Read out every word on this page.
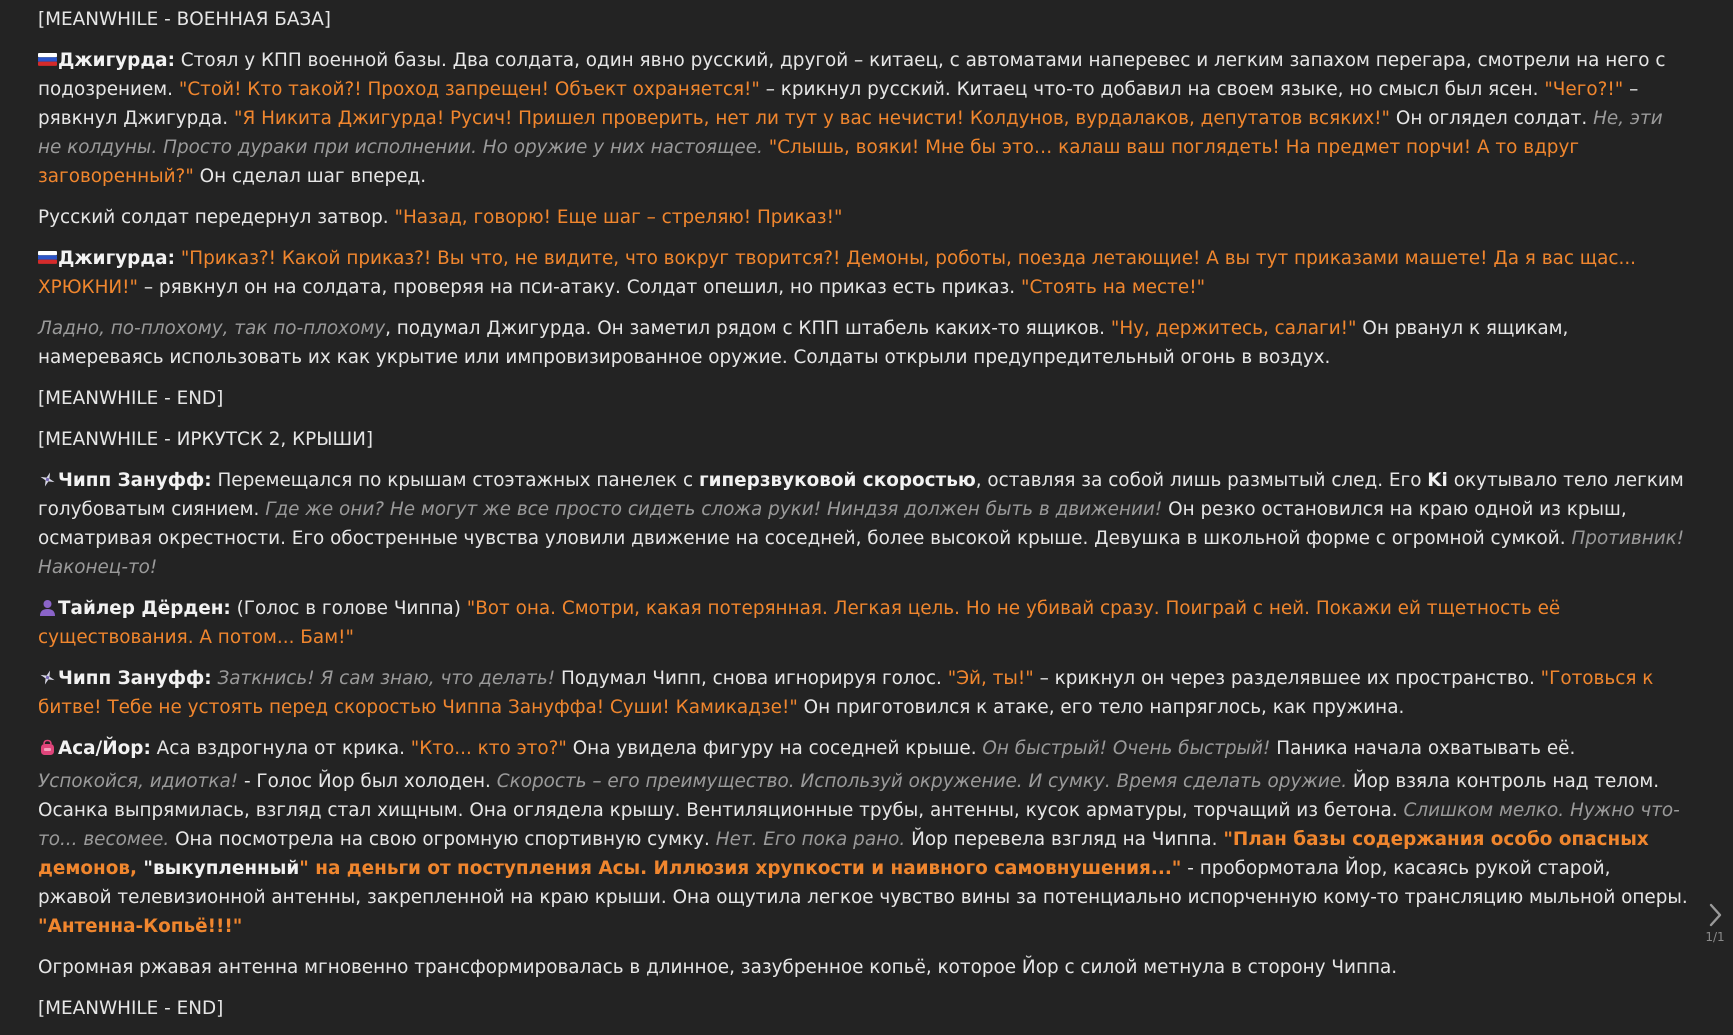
[MEANWHILE - ВОЕННАЯ БАЗА]

Джигурда: Стоял у КПП военной базы. Два солдата, один явно русский, другой – китаец, с автоматами наперевес и легким запахом перегара, смотрели на него с подозрением. "Стой! Кто такой?! Проход запрещен! Объект охраняется!" – крикнул русский. Китаец что-то добавил на своем языке, но смысл был ясен. "Чего?!" – рявкнул Джигурда. "Я Никита Джигурда! Русич! Пришел проверить, нет ли тут у вас нечисти! Колдунов, вурдалаков, депутатов всяких!" Он оглядел солдат. Не, эти не колдуны. Просто дураки при исполнении. Но оружие у них настоящее. "Слышь, вояки! Мне бы это… калаш ваш поглядеть! На предмет порчи! А то вдруг заговоренный?" Он сделал шаг вперед.

Русский солдат передернул затвор. "Назад, говорю! Еще шаг – стреляю! Приказ!"

Джигурда: "Приказ?! Какой приказ?! Вы что, не видите, что вокруг творится?! Демоны, роботы, поезда летающие! А вы тут приказами машете! Да я вас щас... ХРЮКНИ!" – рявкнул он на солдата, проверяя на пси-атаку. Солдат опешил, но приказ есть приказ. "Стоять на месте!"

Ладно, по-плохому, так по-плохому, подумал Джигурда. Он заметил рядом с КПП штабель каких-то ящиков. "Ну, держитесь, салаги!" Он рванул к ящикам, намереваясь использовать их как укрытие или импровизированное оружие. Солдаты открыли предупредительный огонь в воздух.

[MEANWHILE - END]

[MEANWHILE - ИРКУТСК 2, КРЫШИ]

Чипп Зануфф: Перемещался по крышам стоэтажных панелек с гиперзвуковой скоростью, оставляя за собой лишь размытый след. Его Ki окутывало тело легким голубоватым сиянием. Где же они? Не могут же все просто сидеть сложа руки! Ниндзя должен быть в движении! Он резко остановился на краю одной из крыш, осматривая окрестности. Его обостренные чувства уловили движение на соседней, более высокой крыше. Девушка в школьной форме с огромной сумкой. Противник! Наконец-то!

Тайлер Дёрден: (Голос в голове Чиппа) "Вот она. Смотри, какая потерянная. Легкая цель. Но не убивай сразу. Поиграй с ней. Покажи ей тщетность её существования. А потом... Бам!"

Чипп Зануфф: Заткнись! Я сам знаю, что делать! Подумал Чипп, снова игнорируя голос. "Эй, ты!" – крикнул он через разделявшее их пространство. "Готовься к битве! Тебе не устоять перед скоростью Чиппа Зануффа! Суши! Камикадзе!" Он приготовился к атаке, его тело напряглось, как пружина.

Аса/Йор: Аса вздрогнула от крика. "Кто... кто это?" Она увидела фигуру на соседней крыше. Он быстрый! Очень быстрый! Паника начала охватывать её.

Успокойся, идиотка! - Голос Йор был холоден. Скорость – его преимущество. Используй окружение. И сумку. Время сделать оружие. Йор взяла контроль над телом. Осанка выпрямилась, взгляд стал хищным. Она оглядела крышу. Вентиляционные трубы, антенны, кусок арматуры, торчащий из бетона. Слишком мелко. Нужно что-то... весомее. Она посмотрела на свою огромную спортивную сумку. Нет. Его пока рано. Йор перевела взгляд на Чиппа. "План базы содержания особо опасных демонов, "выкупленный" на деньги от поступления Асы. Иллюзия хрупкости и наивного самовнушения..." - пробормотала Йор, касаясь рукой старой, ржавой телевизионной антенны, закрепленной на краю крыши. Она ощутила легкое чувство вины за потенциально испорченную кому-то трансляцию мыльной оперы. "Антенна-Копьё!!!"

Огромная ржавая антенна мгновенно трансформировалась в длинное, зазубренное копьё, которое Йор с силой метнула в сторону Чиппа.

[MEANWHILE - END]

1/1
